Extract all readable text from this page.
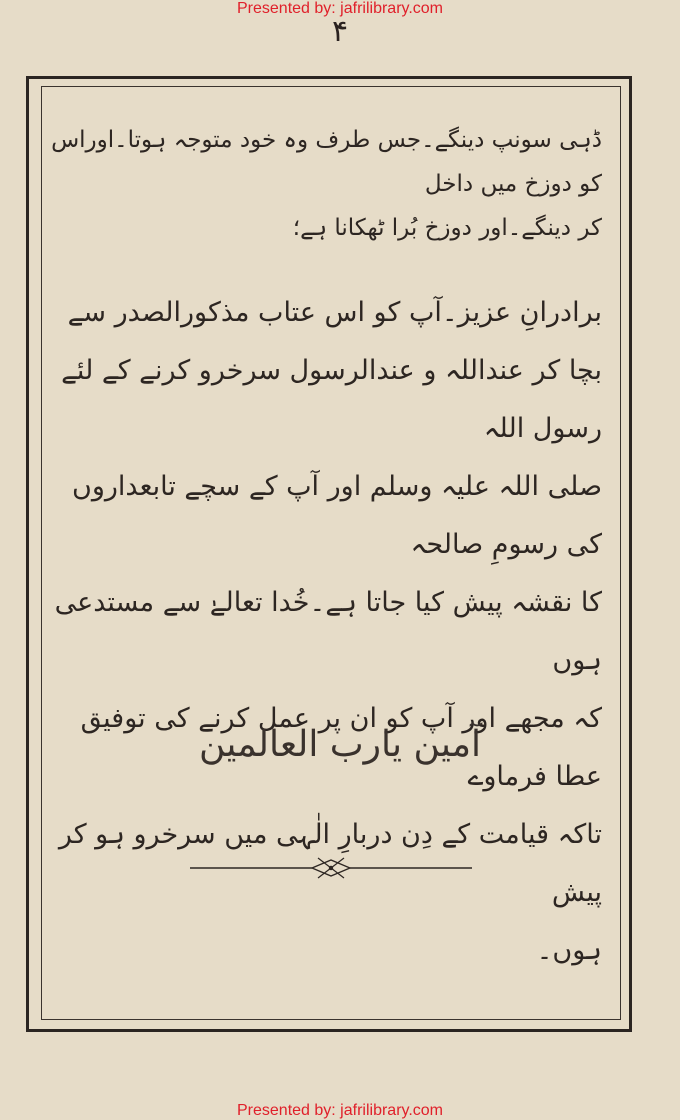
Presented by: jafrilibrary.com
۴

ڈہی سونپ دینگے۔جس طرف وہ خود متوجہ ہوتا۔اوراس کو دوزخ میں داخل

کر دینگے۔اور دوزخ بُرا ٹھکانا ہے؛

برادرانِ عزیز۔آپ کو اس عتاب مذکورالصدر سے

بچا کر عنداللہ و عندالرسول سرخرو کرنے کے لئے رسول اللہ

صلی اللہ علیہ وسلم اور آپ کے سچے تابعداروں کی رسومِ صالحہ

کا نقشہ پیش کیا جاتا ہے۔خُدا تعالےٰ سے مستدعی ہوں

کہ مجھے اور آپ کو ان پر عمل کرنے کی توفیق عطا فرماوے

تاکہ قیامت کے دِن دربارِ الٰہی میں سرخرو ہو کر پیش

ہوں۔

آمین یارب العالمین
Presented by: jafrilibrary.com
